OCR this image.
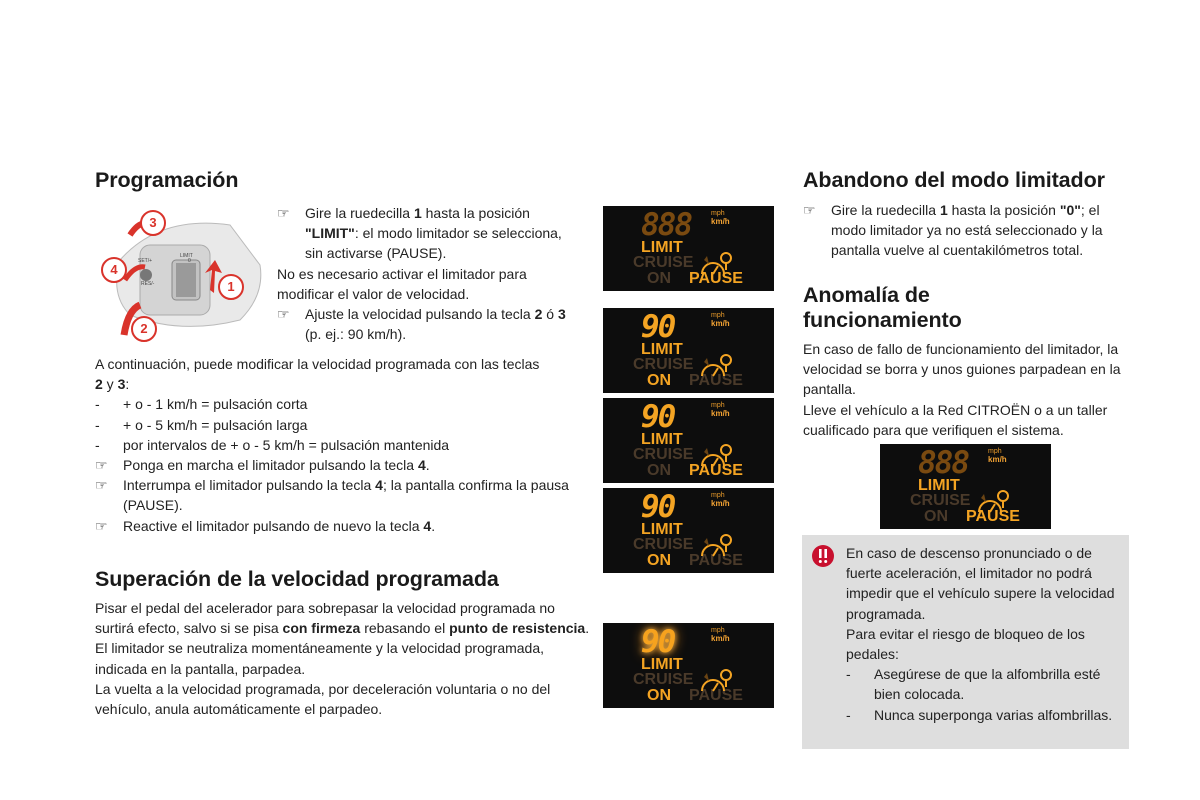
Programación
3
4
1
2
SET/+
LIMIT
RES/-
0
☞	Gire la ruedecilla 1 hasta la posición
"LIMIT": el modo limitador se selecciona,
sin activarse (PAUSE).

No es necesario activar el limitador para modificar el valor de velocidad.

☞	Ajuste la velocidad pulsando la tecla 2 ó 3
(p. ej.: 90 km/h).

A continuación, puede modificar la velocidad programada con las teclas
2 y 3:

- + o - 1 km/h = pulsación corta
- + o - 5 km/h = pulsación larga
- por intervalos de + o - 5 km/h = pulsación mantenida
☞ Ponga en marcha el limitador pulsando la tecla 4.
☞ Interrumpa el limitador pulsando la tecla 4; la pantalla confirma la pausa (PAUSE).
☞ Reactive el limitador pulsando de nuevo la tecla 4.
Superación de la velocidad programada

Pisar el pedal del acelerador para sobrepasar la velocidad programada no surtirá efecto, salvo si se pisa con firmeza rebasando el punto de resistencia.

El limitador se neutraliza momentáneamente y la velocidad programada, indicada en la pantalla, parpadea.

La vuelta a la velocidad programada, por deceleración voluntaria o no del vehículo, anula automáticamente el parpadeo.

888	mph
km/h
LIMIT
CRUISE
ON PAUSE
90	mph
km/h
LIMIT
CRUISE
ON PAUSE
90	mph
km/h
LIMIT
CRUISE
ON PAUSE
90	mph
km/h
LIMIT
CRUISE
ON PAUSE
90	mph
km/h
LIMIT
CRUISE
ON PAUSE
888	mph
km/h
LIMIT
CRUISE
ON PAUSE
Abandono del modo limitador
☞	Gire la ruedecilla 1 hasta la posición "0"; el modo limitador ya no está seleccionado y la pantalla vuelve al cuentakilómetros total.
Anomalía de
funcionamiento

En caso de fallo de funcionamiento del limitador, la velocidad se borra y unos guiones parpadean en la pantalla.

Lleve el vehículo a la Red CITROËN o a un taller cualificado para que verifiquen el sistema.

En caso de descenso pronunciado o de fuerte aceleración, el limitador no podrá impedir que el vehículo supere la velocidad programada.

Para evitar el riesgo de bloqueo de los pedales:

- Asegúrese de que la alfombrilla esté bien colocada.
- Nunca superponga varias alfombrillas.
